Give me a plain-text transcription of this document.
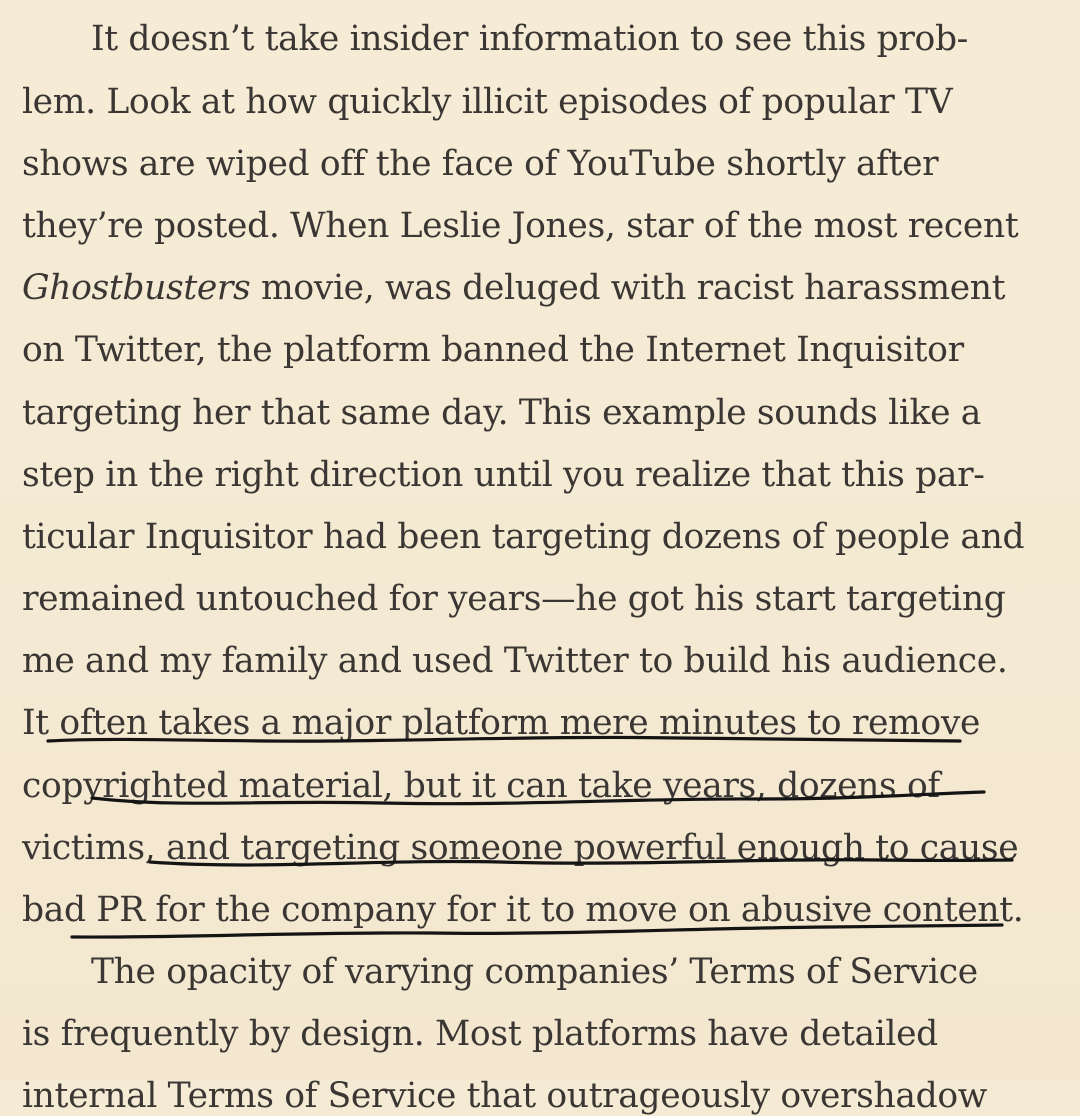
It doesn’t take insider information to see this prob-
lem. Look at how quickly illicit episodes of popular TV
shows are wiped off the face of YouTube shortly after
they’re posted. When Leslie Jones, star of the most recent
Ghostbusters movie, was deluged with racist harassment
on Twitter, the platform banned the Internet Inquisitor
targeting her that same day. This example sounds like a
step in the right direction until you realize that this par-
ticular Inquisitor had been targeting dozens of people and
remained untouched for years—he got his start targeting
me and my family and used Twitter to build his audience.
It often takes a major platform mere minutes to remove
copyrighted material, but it can take years, dozens of
victims, and targeting someone powerful enough to cause
bad PR for the company for it to move on abusive content.
The opacity of varying companies’ Terms of Service
is frequently by design. Most platforms have detailed
internal Terms of Service that outrageously overshadow
